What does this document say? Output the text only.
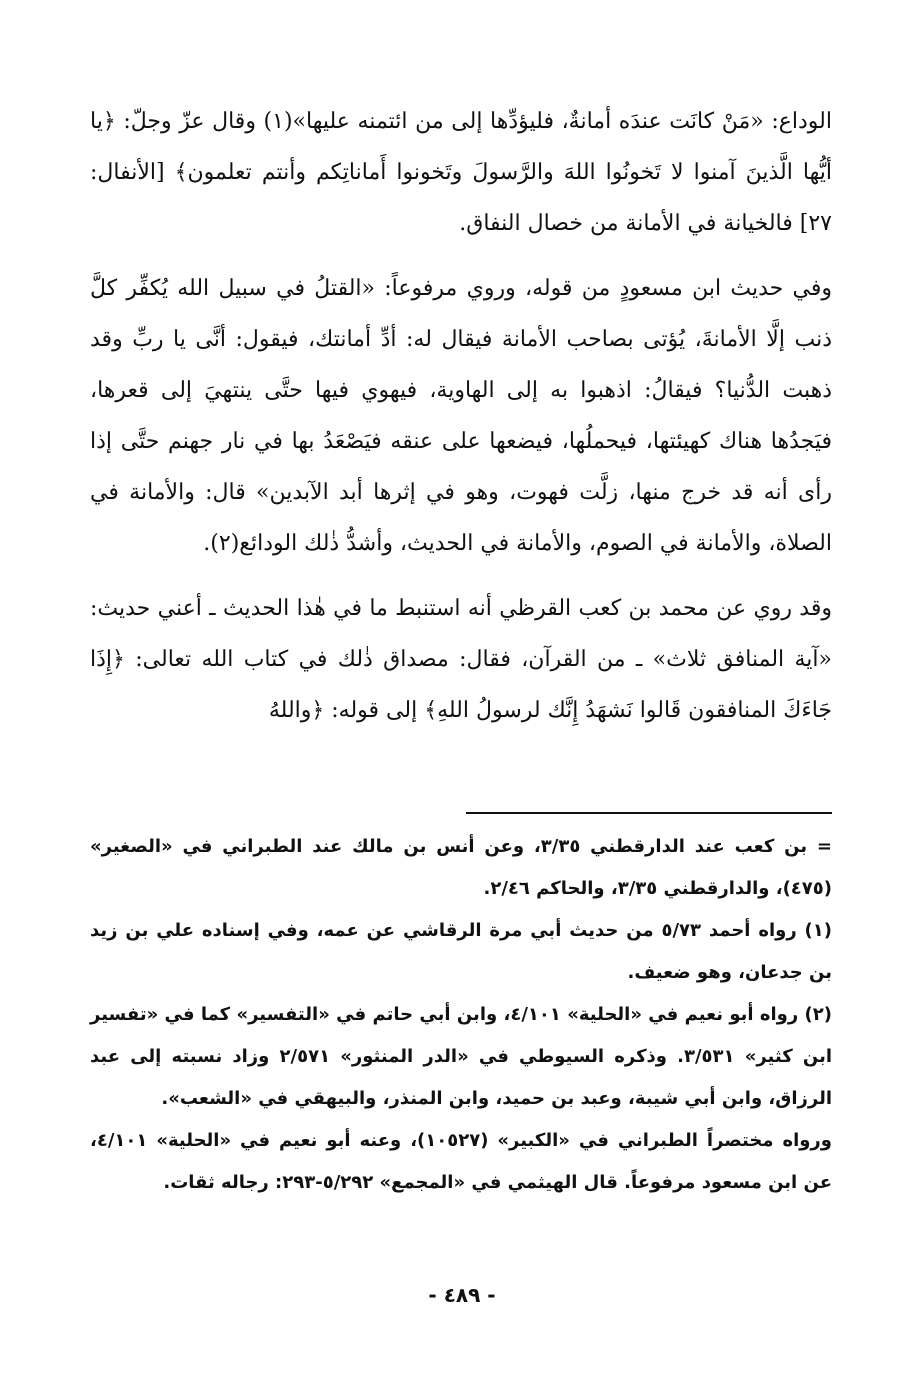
الوداع: «مَنْ كانَت عندَه أمانةٌ، فليؤدِّها إلى من ائتمنه عليها»(١) وقال عزّ وجلّ: ﴿يا أيُّها الَّذينَ آمنوا لا تَخونُوا اللهَ والرَّسولَ وتَخونوا أَماناتِكم وأنتم تعلمون﴾ [الأنفال: ٢٧] فالخيانة في الأمانة من خصال النفاق.

وفي حديث ابن مسعودٍ من قوله، وروي مرفوعاً: «القتلُ في سبيل الله يُكفِّر كلَّ ذنب إلَّا الأمانةَ، يُؤتى بصاحب الأمانة فيقال له: أدِّ أمانتك، فيقول: أنَّى يا ربِّ وقد ذهبت الدُّنيا؟ فيقالُ: اذهبوا به إلى الهاوية، فيهوي فيها حتَّى ينتهيَ إلى قعرها، فيَجدُها هناك كهيئتها، فيحملُها، فيضعها على عنقه فيَصْعَدُ بها في نار جهنم حتَّى إذا رأى أنه قد خرج منها، زلَّت فهوت، وهو في إثرها أبد الآبدين» قال: والأمانة في الصلاة، والأمانة في الصوم، والأمانة في الحديث، وأشدُّ ذٰلك الودائع(٢).

وقد روي عن محمد بن كعب القرظي أنه استنبط ما في هٰذا الحديث ـ أعني حديث: «آية المنافق ثلاث» ـ من القرآن، فقال: مصداق ذٰلك في كتاب الله تعالى: ﴿إِذَا جَاءَكَ المنافقون قَالوا نَشهَدُ إِنَّك لرسولُ اللهِ﴾ إلى قوله: ﴿واللهُ

= بن كعب عند الدارقطني ٣/٣٥، وعن أنس بن مالك عند الطبراني في «الصغير» (٤٧٥)، والدارقطني ٣/٣٥، والحاكم ٢/٤٦.

(١) رواه أحمد ٥/٧٣ من حديث أبي مرة الرقاشي عن عمه، وفي إسناده علي بن زيد بن جدعان، وهو ضعيف.

(٢) رواه أبو نعيم في «الحلية» ٤/١٠١، وابن أبي حاتم في «التفسير» كما في «تفسير ابن كثير» ٣/٥٣١. وذكره السيوطي في «الدر المنثور» ٢/٥٧١ وزاد نسبته إلى عبد الرزاق، وابن أبي شيبة، وعبد بن حميد، وابن المنذر، والبيهقي في «الشعب».

ورواه مختصراً الطبراني في «الكبير» (١٠٥٢٧)، وعنه أبو نعيم في «الحلية» ٤/١٠١، عن ابن مسعود مرفوعاً. قال الهيثمي في «المجمع» ٥/٢٩٢-٢٩٣: رجاله ثقات.

- ٤٨٩ -
